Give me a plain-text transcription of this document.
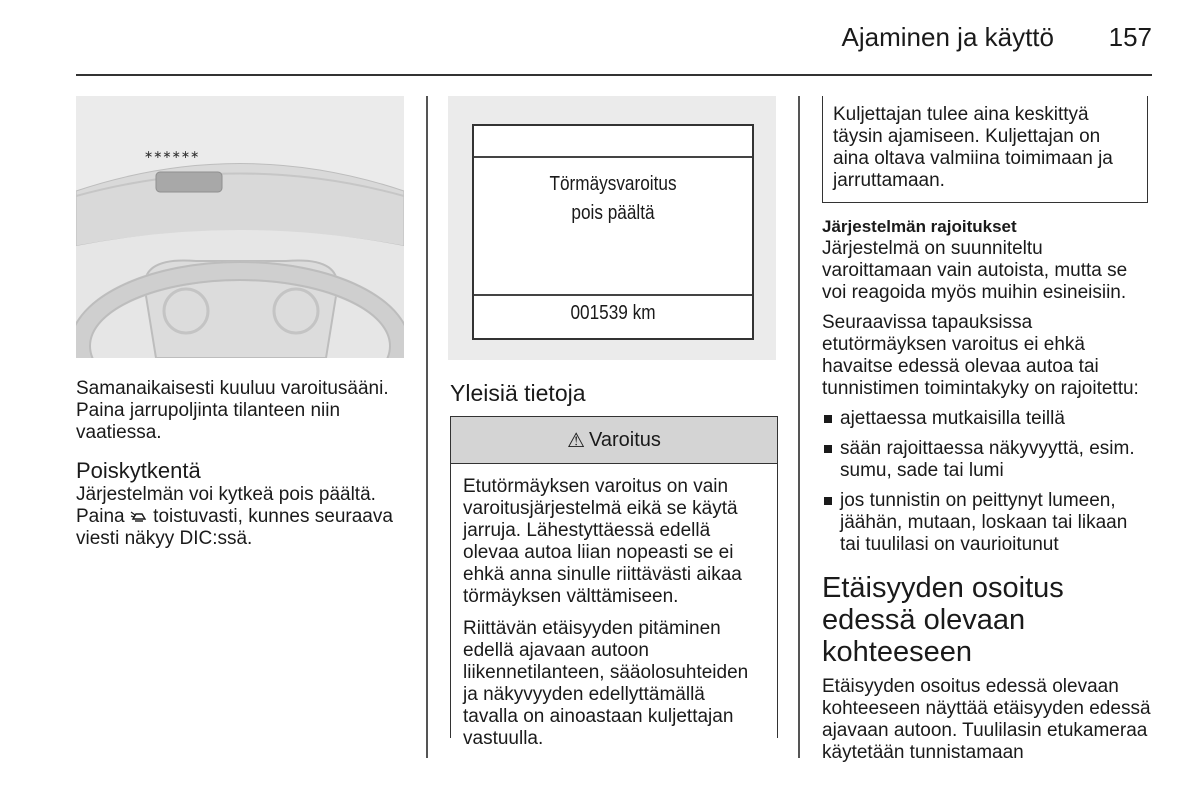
Ajaminen ja käyttö 157
∗∗∗∗∗∗

Samanaikaisesti kuuluu varoitusääni. Paina jarrupoljinta tilanteen niin vaatiessa.

Poiskytkentä

Järjestelmän voi kytkeä pois päältä.
Paina toistuvasti, kunnes seuraava viesti näkyy DIC:ssä.

Törmäysvaroitus
pois päältä
001539 km
Yleisiä tietoja
⚠ Varoitus

Etutörmäyksen varoitus on vain varoitusjärjestelmä eikä se käytä jarruja. Lähestyttäessä edellä olevaa autoa liian nopeasti se ei ehkä anna sinulle riittävästi aikaa törmäyksen välttämiseen.

Riittävän etäisyyden pitäminen edellä ajavaan autoon liikennetilanteen, sääolosuhteiden ja näkyvyyden edellyttämällä tavalla on ainoastaan kuljettajan vastuulla.

Kuljettajan tulee aina keskittyä täysin ajamiseen. Kuljettajan on aina oltava valmiina toimimaan ja jarruttamaan.

Järjestelmän rajoitukset

Järjestelmä on suunniteltu varoittamaan vain autoista, mutta se voi reagoida myös muihin esineisiin.

Seuraavissa tapauksissa etutörmäyksen varoitus ei ehkä havaitse edessä olevaa autoa tai tunnistimen toimintakyky on rajoitettu:

ajettaessa mutkaisilla teillä
sään rajoittaessa näkyvyyttä, esim. sumu, sade tai lumi
jos tunnistin on peittynyt lumeen, jäähän, mutaan, loskaan tai likaan tai tuulilasi on vaurioitunut
Etäisyyden osoitus edessä olevaan kohteeseen

Etäisyyden osoitus edessä olevaan kohteeseen näyttää etäisyyden edessä ajavaan autoon. Tuulilasin etukameraa käytetään tunnistamaan
